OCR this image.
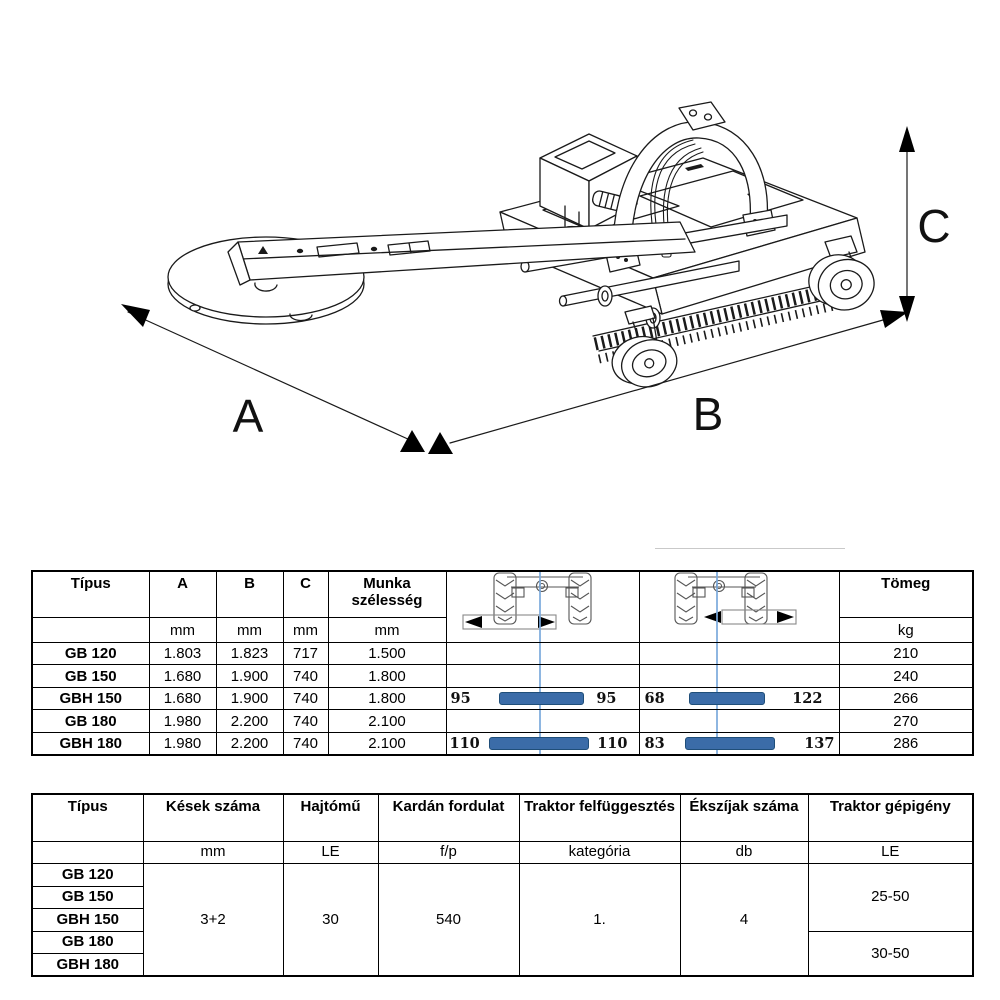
A	B
C
Típus	A	B	C	Munka szélesség			Tömeg
	mm	mm	mm	mm			kg
GB 120	1.803	1.823	717	1.500			210
GB 150	1.680	1.900	740	1.800			240
GBH 150	1.680	1.900	740	1.800	95 95	68 122	266
GB 180	1.980	2.200	740	2.100			270
GBH 180	1.980	2.200	740	2.100	110 110	83 137	286
Típus	Kések száma	Hajtómű	Kardán fordulat	Traktor felfüggesztés	Ékszíjak száma	Traktor gépigény
	mm	LE	f/p	kategória	db	LE
GB 120	3+2	30	540	1.	4	25-50
GB 150						
GBH 150						
GB 180						30-50
GBH 180						
